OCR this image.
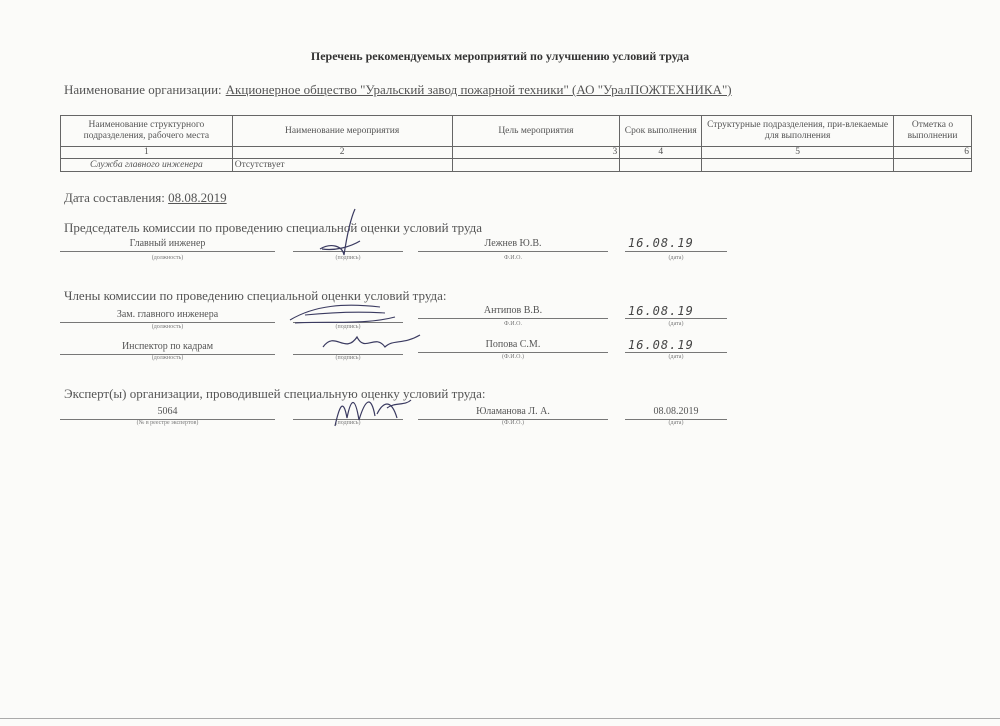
Перечень рекомендуемых мероприятий по улучшению условий труда
Наименование организации: Акционерное общество "Уральский завод пожарной техники" (АО "УралПОЖТЕХНИКА")
Наименование структурного подразделения, рабочего места	Наименование мероприятия	Цель мероприятия	Срок выполнения	Структурные подразделения, при-влекаемые для выполнения	Отметка о выполнении
1	2	3	4	5	6
Служба главного инженера	Отсутствует				
Дата составления: 08.08.2019
Председатель комиссии по проведению специальной оценки условий труда
Главный инженер	Лежнев Ю.В.	16.08.19
(должность)	(подпись)	Ф.И.О.	(дата)
Члены комиссии по проведению специальной оценки условий труда:
Зам. главного инженера	Антипов В.В.	16.08.19
(должность)	(подпись)	Ф.И.О.	(дата)
Инспектор по кадрам	Попова С.М.	16.08.19
(должность)	(подпись)	(Ф.И.О.)	(дата)
Эксперт(ы) организации, проводившей специальную оценку условий труда:
5064	Юламанова Л. А.	08.08.2019
(№ в реестре экспертов)	(подпись)	(Ф.И.О.)	(дата)
